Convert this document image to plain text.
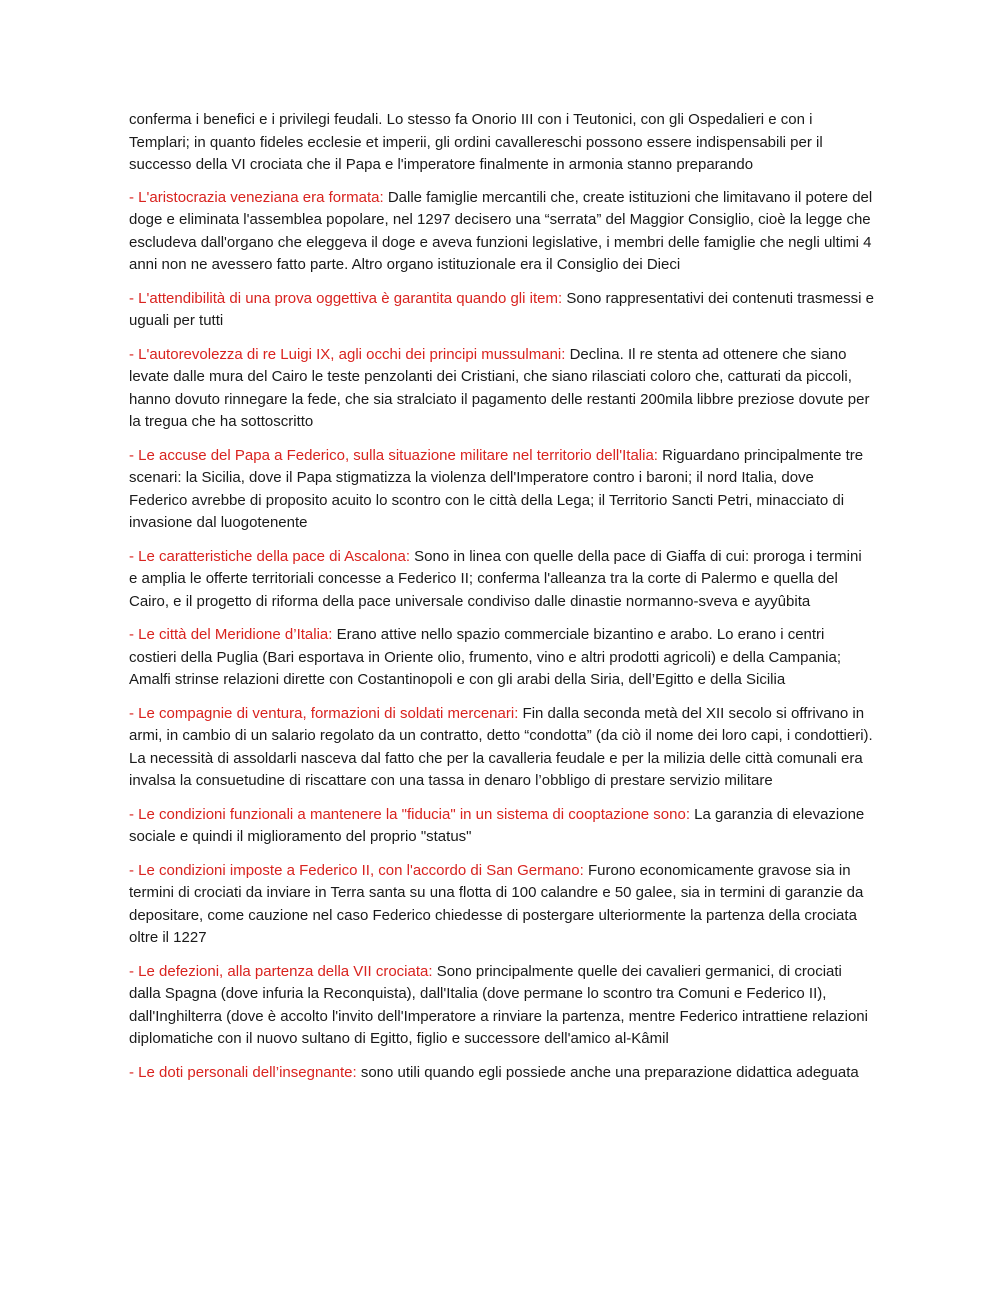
conferma i benefici e i privilegi feudali. Lo stesso fa Onorio III con i Teutonici, con gli Ospedalieri e con i Templari; in quanto fideles ecclesie et imperii, gli ordini cavallereschi possono essere indispensabili per il successo della VI crociata che il Papa e l'imperatore finalmente in armonia stanno preparando

- L'aristocrazia veneziana era formata: Dalle famiglie mercantili che, create istituzioni che limitavano il potere del doge e eliminata l'assemblea popolare, nel 1297 decisero una “serrata” del Maggior Consiglio, cioè la legge che escludeva dall'organo che eleggeva il doge e aveva funzioni legislative, i membri delle famiglie che negli ultimi 4 anni non ne avessero fatto parte. Altro organo istituzionale era il Consiglio dei Dieci

- L'attendibilità di una prova oggettiva è garantita quando gli item: Sono rappresentativi dei contenuti trasmessi e uguali per tutti

- L'autorevolezza di re Luigi IX, agli occhi dei principi mussulmani: Declina. Il re stenta ad ottenere che siano levate dalle mura del Cairo le teste penzolanti dei Cristiani, che siano rilasciati coloro che, catturati da piccoli, hanno dovuto rinnegare la fede, che sia stralciato il pagamento delle restanti 200mila libbre preziose dovute per la tregua che ha sottoscritto

- Le accuse del Papa a Federico, sulla situazione militare nel territorio dell'Italia: Riguardano principalmente tre scenari: la Sicilia, dove il Papa stigmatizza la violenza dell'Imperatore contro i baroni; il nord Italia, dove Federico avrebbe di proposito acuito lo scontro con le città della Lega; il Territorio Sancti Petri, minacciato di invasione dal luogotenente

- Le caratteristiche della pace di Ascalona: Sono in linea con quelle della pace di Giaffa di cui: proroga i termini e amplia le offerte territoriali concesse a Federico II; conferma l'alleanza tra la corte di Palermo e quella del Cairo, e il progetto di riforma della pace universale condiviso dalle dinastie normanno-sveva e ayyûbita

- Le città del Meridione d’Italia: Erano attive nello spazio commerciale bizantino e arabo. Lo erano i centri costieri della Puglia (Bari esportava in Oriente olio, frumento, vino e altri prodotti agricoli) e della Campania; Amalfi strinse relazioni dirette con Costantinopoli e con gli arabi della Siria, dell’Egitto e della Sicilia

- Le compagnie di ventura, formazioni di soldati mercenari: Fin dalla seconda metà del XII secolo si offrivano in armi, in cambio di un salario regolato da un contratto, detto “condotta” (da ciò il nome dei loro capi, i condottieri). La necessità di assoldarli nasceva dal fatto che per la cavalleria feudale e per la milizia delle città comunali era invalsa la consuetudine di riscattare con una tassa in denaro l’obbligo di prestare servizio militare

- Le condizioni funzionali a mantenere la "fiducia" in un sistema di cooptazione sono: La garanzia di elevazione sociale e quindi il miglioramento del proprio "status"

- Le condizioni imposte a Federico II, con l'accordo di San Germano: Furono economicamente gravose sia in termini di crociati da inviare in Terra santa su una flotta di 100 calandre e 50 galee, sia in termini di garanzie da depositare, come cauzione nel caso Federico chiedesse di postergare ulteriormente la partenza della crociata oltre il 1227

- Le defezioni, alla partenza della VII crociata: Sono principalmente quelle dei cavalieri germanici, di crociati dalla Spagna (dove infuria la Reconquista), dall'Italia (dove permane lo scontro tra Comuni e Federico II), dall'Inghilterra (dove è accolto l'invito dell'Imperatore a rinviare la partenza, mentre Federico intrattiene relazioni diplomatiche con il nuovo sultano di Egitto, figlio e successore dell'amico al-Kâmil

- Le doti personali dell’insegnante: sono utili quando egli possiede anche una preparazione didattica adeguata
